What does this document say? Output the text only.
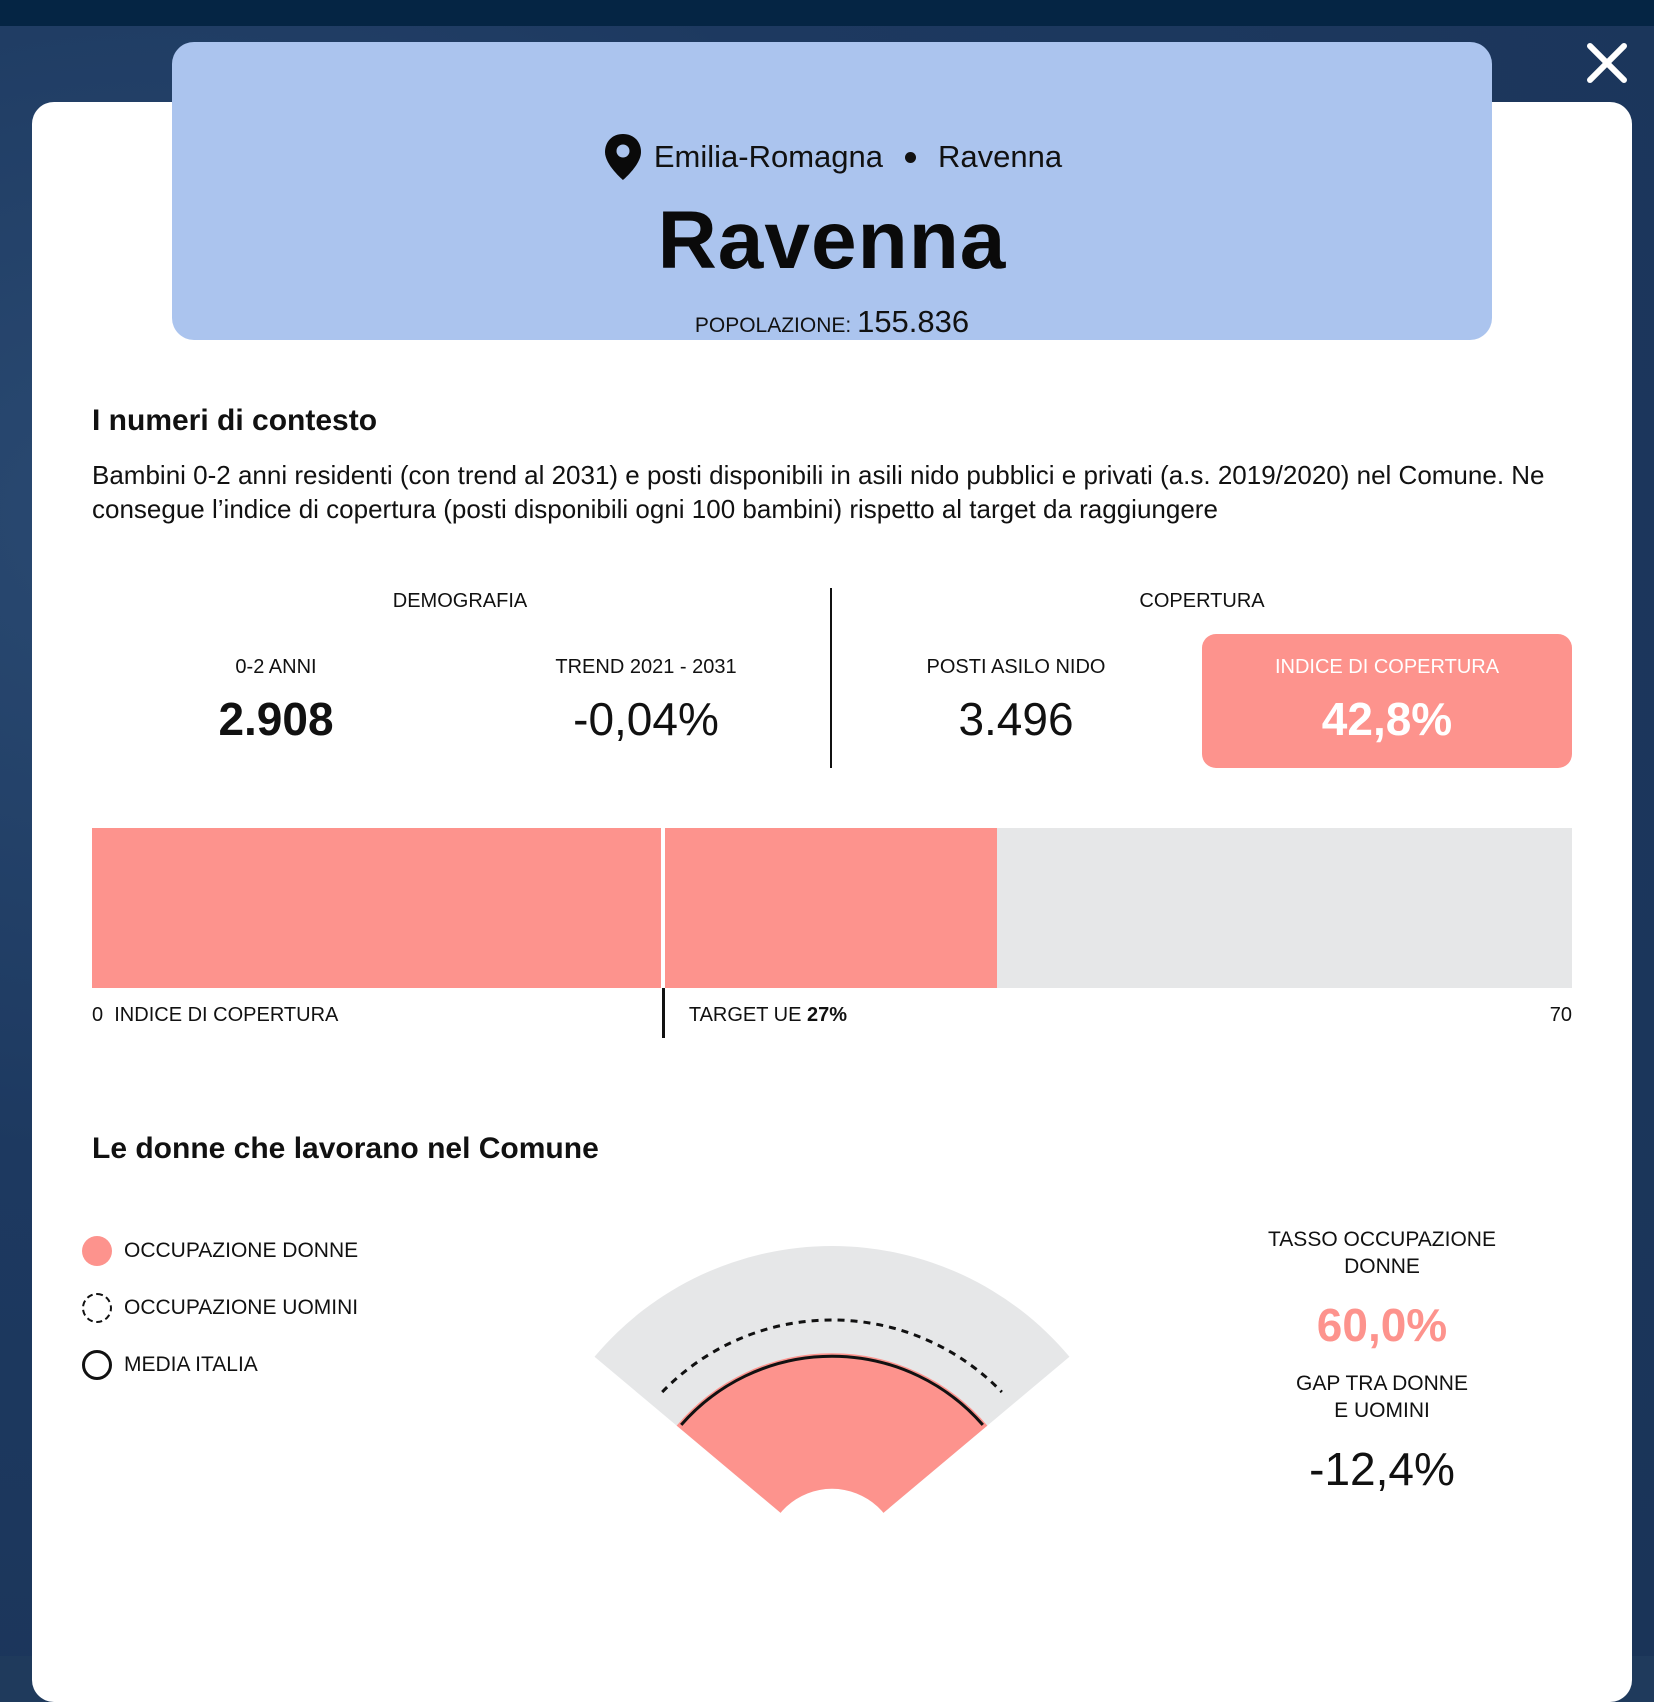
Emilia-Romagna Ravenna
Ravenna
POPOLAZIONE: 155.836
I numeri di contesto
Bambini 0-2 anni residenti (con trend al 2031) e posti disponibili in asili nido pubblici e privati (a.s. 2019/2020) nel Comune. Ne consegue l’indice di copertura (posti disponibili ogni 100 bambini) rispetto al target da raggiungere
DEMOGRAFIA	COPERTURA
0-2 ANNI
2.908
TREND 2021 - 2031
-0,04%
POSTI ASILO NIDO
3.496
INDICE DI COPERTURA
42,8%
0 INDICE DI COPERTURA	TARGET UE 27%	70
Le donne che lavorano nel Comune
OCCUPAZIONE DONNE
OCCUPAZIONE UOMINI
MEDIA ITALIA
TASSO OCCUPAZIONE
DONNE
60,0%
GAP TRA DONNE
E UOMINI
-12,4%
